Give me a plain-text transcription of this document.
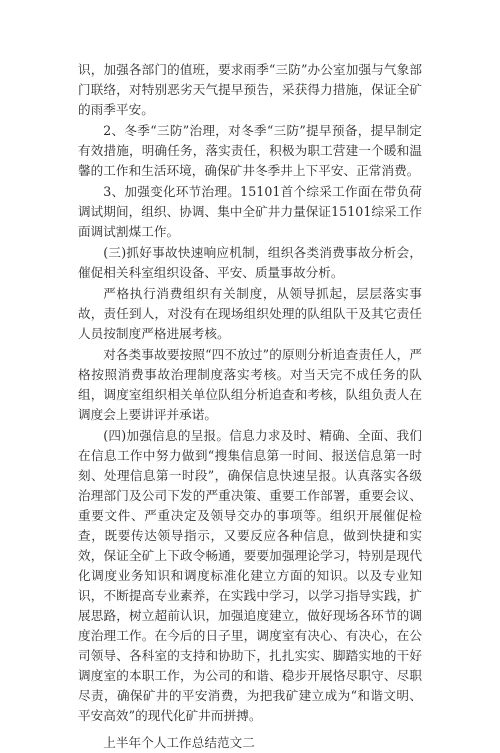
识，加强各部门的值班，要求雨季“三防”办公室加强与气象部门联络，对特别恶劣天气提早预告，采获得力措施，保证全矿的雨季平安。

2、冬季“三防”治理，对冬季“三防”提早预备，提早制定有效措施，明确任务，落实责任，积极为职工营建一个暖和温馨的工作和生活环境，确保矿井冬季井上下平安、正常消费。

3、加强变化环节治理。15101首个综采工作面在带负荷调试期间，组织、协调、集中全矿井力量保证15101综采工作面调试割煤工作。

(三)抓好事故快速响应机制，组织各类消费事故分析会，催促相关科室组织设备、平安、质量事故分析。

严格执行消费组织有关制度，从领导抓起，层层落实事故，责任到人，对没有在现场组织处理的队组队干及其它责任人员按制度严格进展考核。

对各类事故要按照“四不放过”的原则分析追查责任人，严格按照消费事故治理制度落实考核。对当天完不成任务的队组，调度室组织相关单位队组分析追查和考核，队组负责人在调度会上要讲评并承诺。

(四)加强信息的呈报。信息力求及时、精确、全面、我们在信息工作中努力做到“搜集信息第一时间、报送信息第一时刻、处理信息第一时段”，确保信息快速呈报。认真落实各级治理部门及公司下发的严重决策、重要工作部署，重要会议、重要文件、严重决定及领导交办的事项等。组织开展催促检查，既要传达领导指示，又要反应各种信息，做到快捷和实效，保证全矿上下政令畅通，要要加强理论学习，特别是现代化调度业务知识和调度标准化建立方面的知识。以及专业知识，不断提高专业素养，在实践中学习，以学习指导实践，扩展思路，树立超前认识，加强追度建立，做好现场各环节的调度治理工作。在今后的日子里，调度室有决心、有决心，在公司领导、各科室的支持和协助下，扎扎实实、脚踏实地的干好调度室的本职工作，为公司的和谐、稳步开展恪尽职守、尽职尽责，确保矿井的平安消费，为把我矿建立成为“和谐文明、平安高效”的现代化矿井而拼搏。

上半年个人工作总结范文二
